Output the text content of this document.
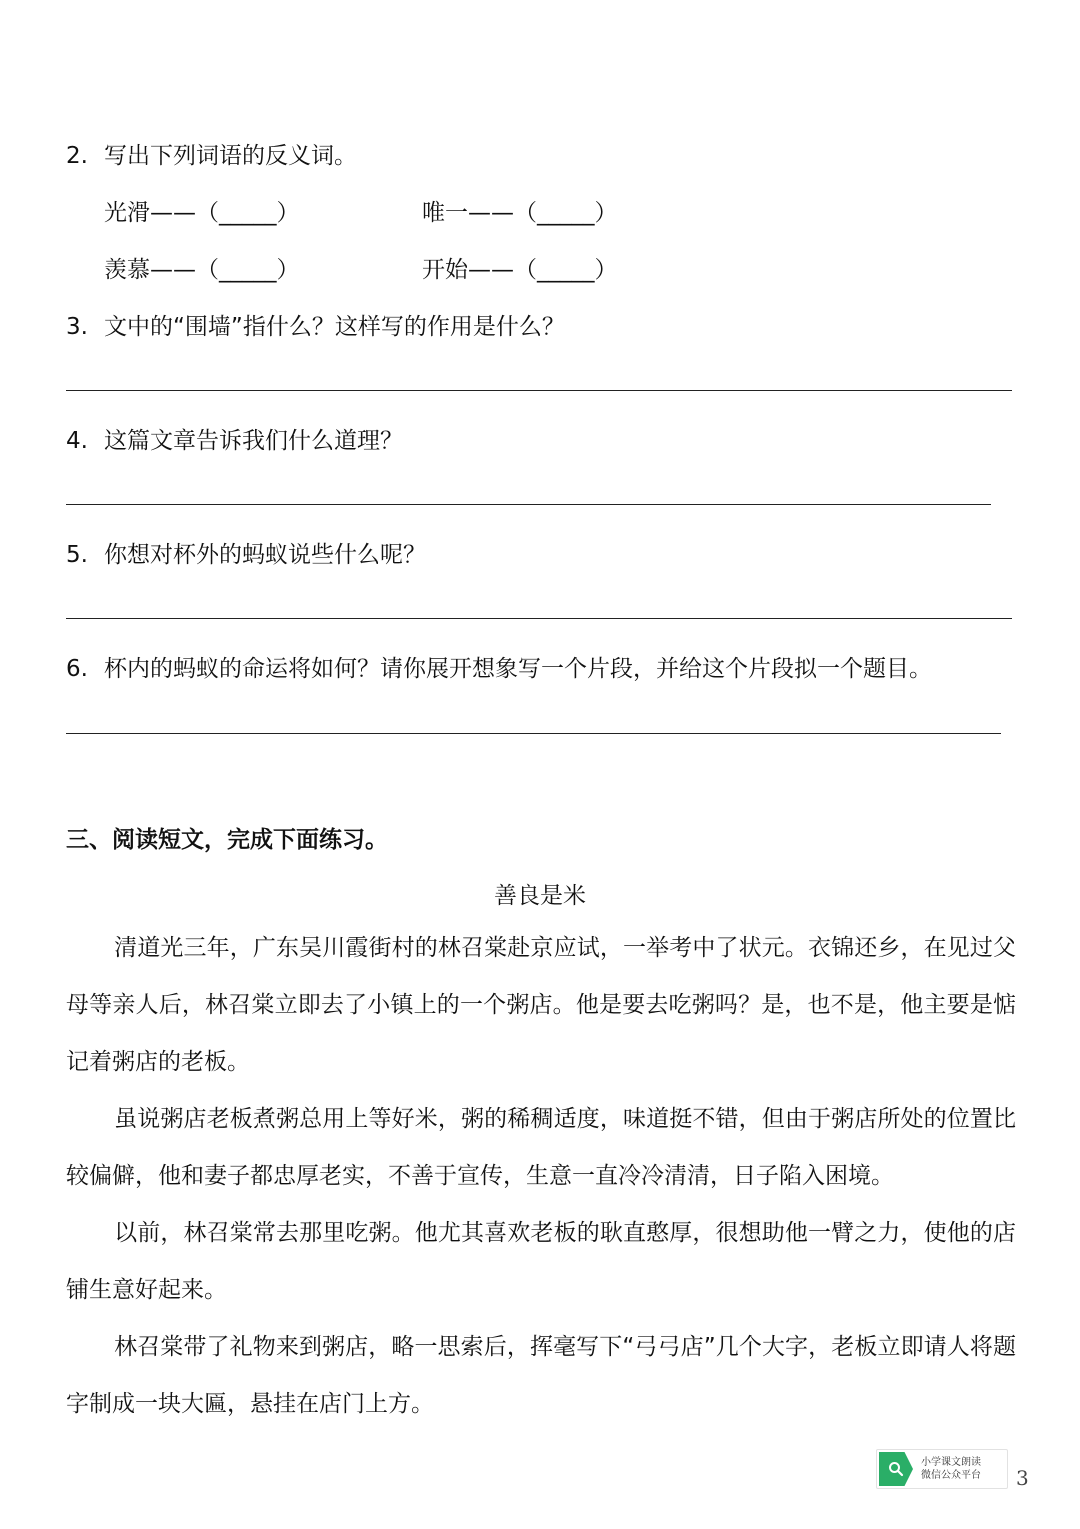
2. 写出下列词语的反义词。
光滑——（_____）	唯一——（_____）
羡慕——（_____）	开始——（_____）
3. 文中的“围墙”指什么？这样写的作用是什么？
4. 这篇文章告诉我们什么道理？
5. 你想对杯外的蚂蚁说些什么呢？
6. 杯内的蚂蚁的命运将如何？请你展开想象写一个片段，并给这个片段拟一个题目。
三、阅读短文，完成下面练习。
善良是米
清道光三年，广东吴川霞街村的林召棠赴京应试，一举考中了状元。衣锦还乡，在见过父母等亲人后，林召棠立即去了小镇上的一个粥店。他是要去吃粥吗？是，也不是，他主要是惦记着粥店的老板。
虽说粥店老板煮粥总用上等好米，粥的稀稠适度，味道挺不错，但由于粥店所处的位置比较偏僻，他和妻子都忠厚老实，不善于宣传，生意一直冷冷清清，日子陷入困境。
以前，林召棠常去那里吃粥。他尤其喜欢老板的耿直憨厚，很想助他一臂之力，使他的店铺生意好起来。
林召棠带了礼物来到粥店，略一思索后，挥毫写下“弓弓店”几个大字，老板立即请人将题字制成一块大匾，悬挂在店门上方。
小学课文朗读
微信公众平台 3
